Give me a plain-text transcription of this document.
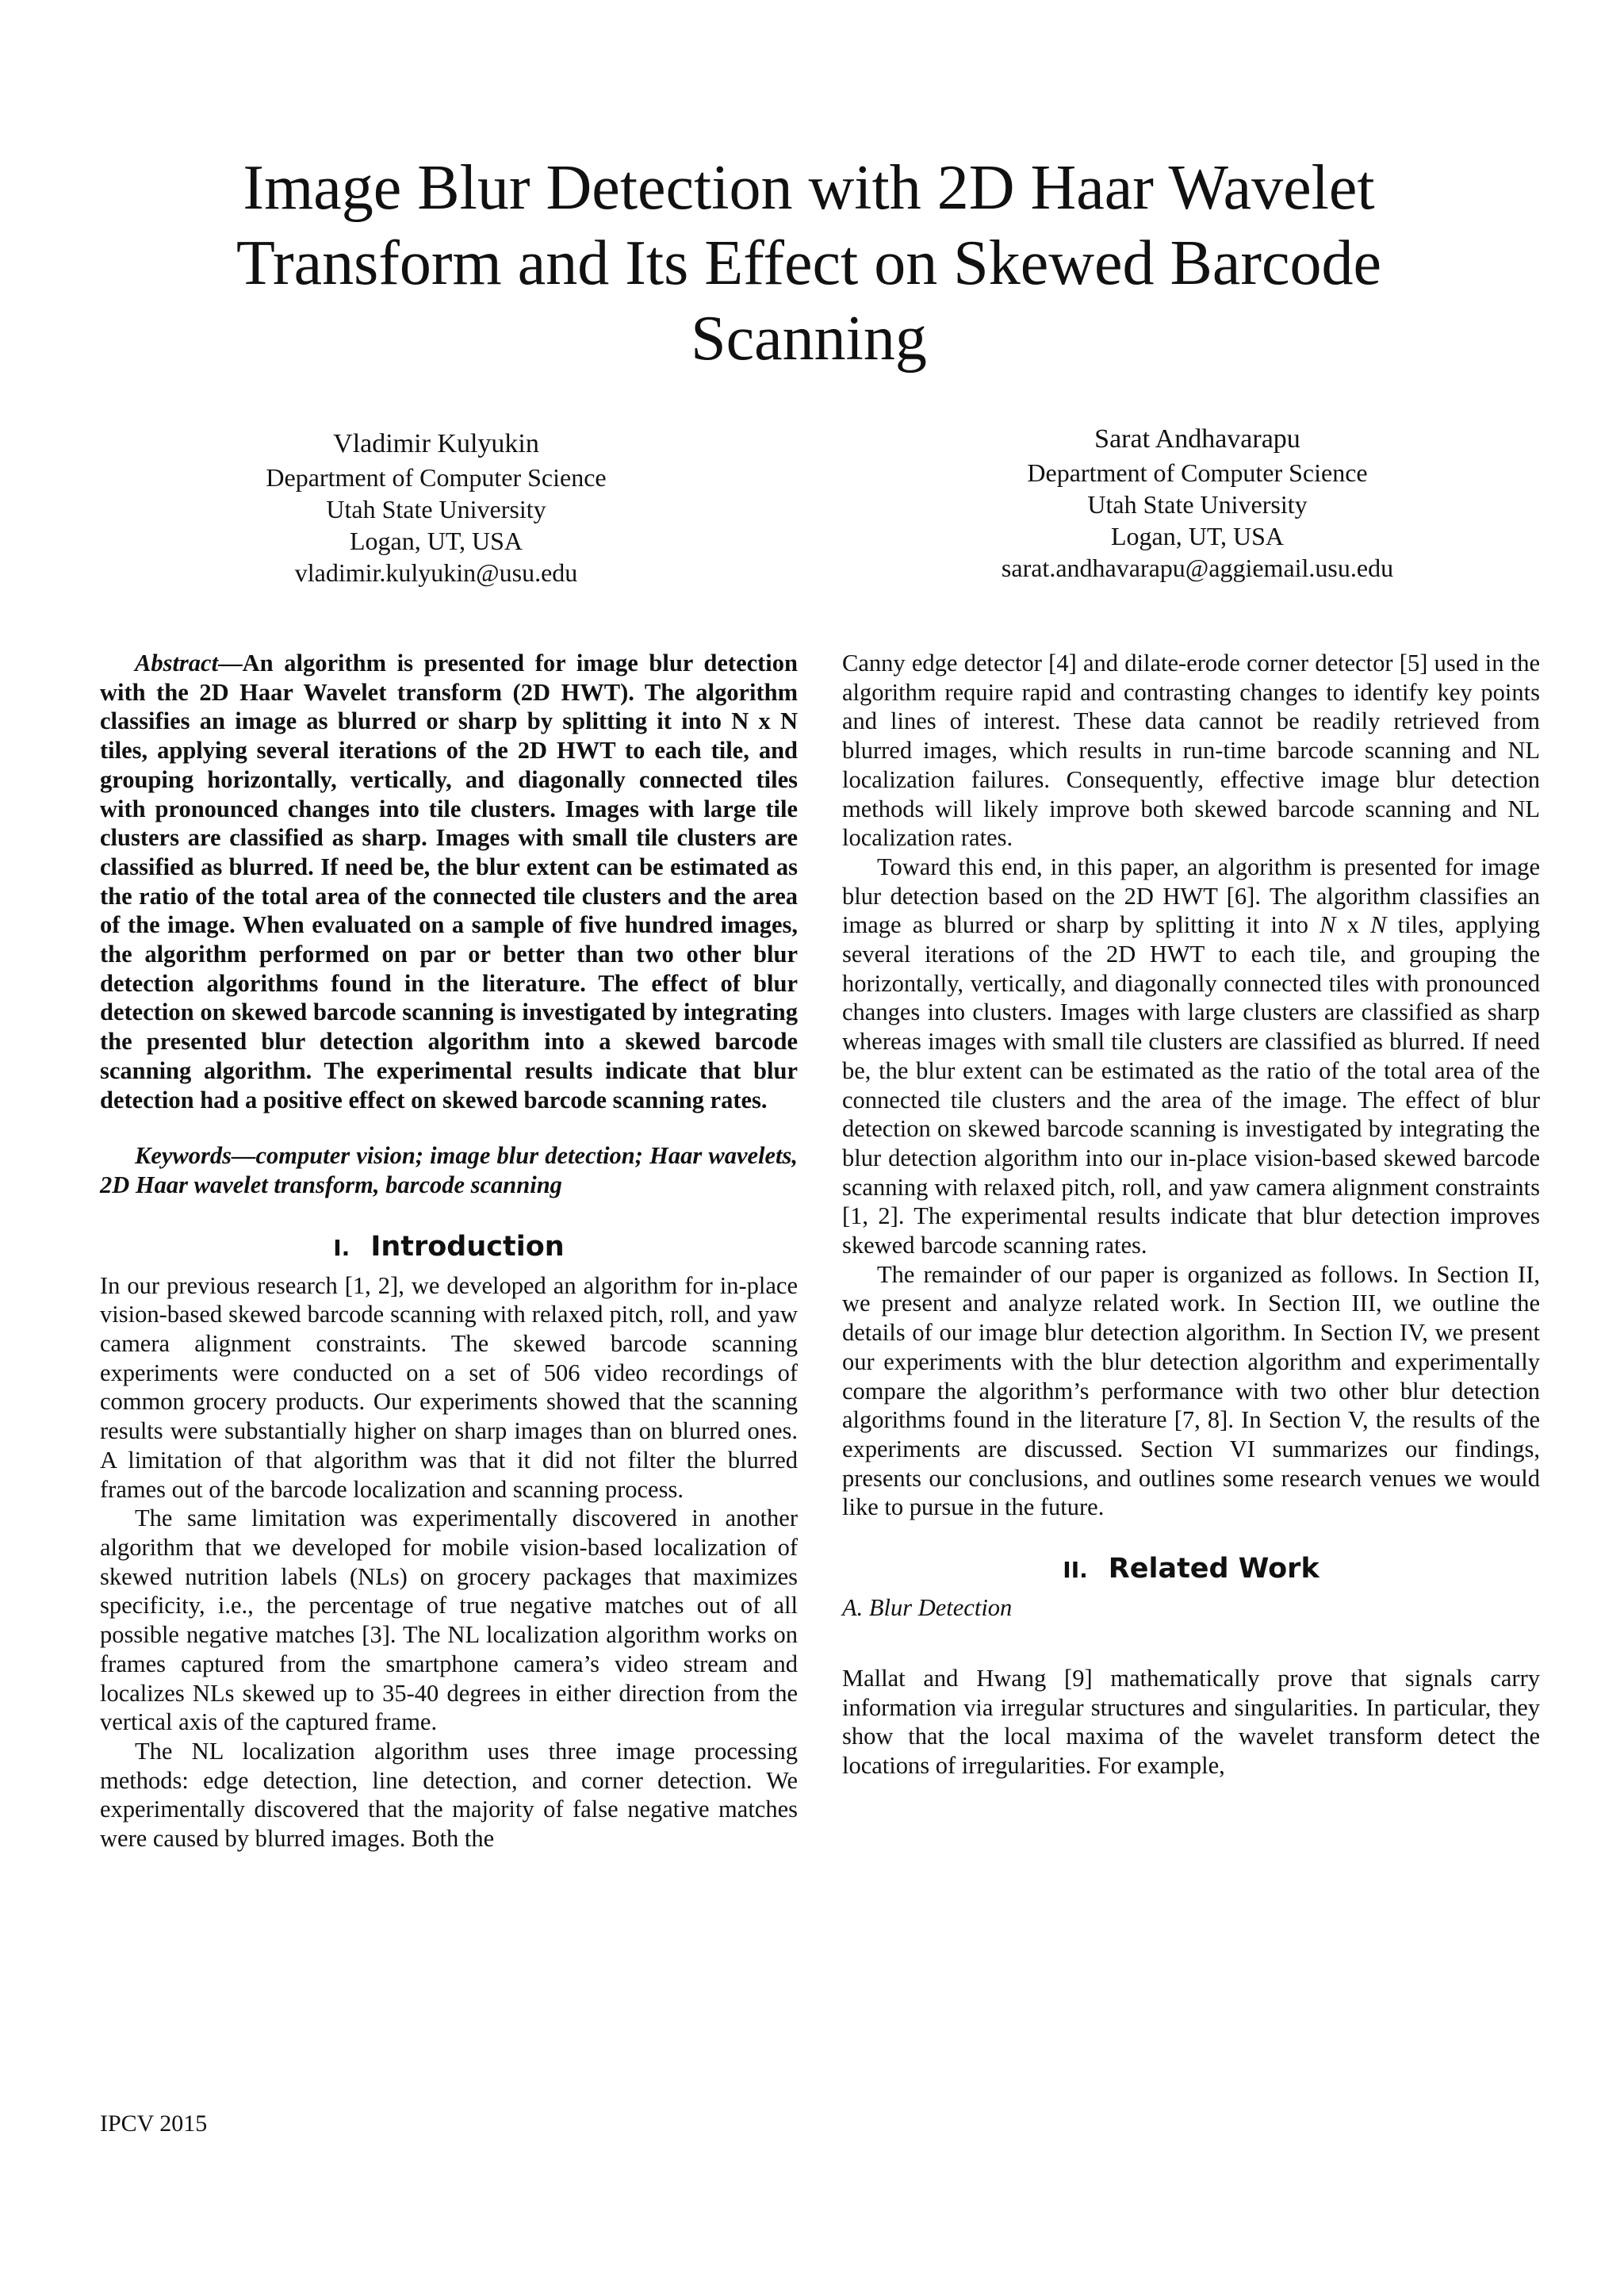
Image Blur Detection with 2D Haar Wavelet Transform and Its Effect on Skewed Barcode Scanning
Vladimir Kulyukin
Department of Computer Science
Utah State University
Logan, UT, USA
vladimir.kulyukin@usu.edu
Sarat Andhavarapu
Department of Computer Science
Utah State University
Logan, UT, USA
sarat.andhavarapu@aggiemail.usu.edu

Abstract—An algorithm is presented for image blur detection with the 2D Haar Wavelet transform (2D HWT). The algorithm classifies an image as blurred or sharp by splitting it into N x N tiles, applying several iterations of the 2D HWT to each tile, and grouping horizontally, vertically, and diagonally connected tiles with pronounced changes into tile clusters. Images with large tile clusters are classified as sharp. Images with small tile clusters are classified as blurred. If need be, the blur extent can be estimated as the ratio of the total area of the connected tile clusters and the area of the image. When evaluated on a sample of five hundred images, the algorithm performed on par or better than two other blur detection algorithms found in the literature. The effect of blur detection on skewed barcode scanning is investigated by integrating the presented blur detection algorithm into a skewed barcode scanning algorithm. The experimental results indicate that blur detection had a positive effect on skewed barcode scanning rates.

Keywords—computer vision; image blur detection; Haar wavelets, 2D Haar wavelet transform, barcode scanning

I. Introduction

In our previous research [1, 2], we developed an algorithm for in-place vision-based skewed barcode scanning with relaxed pitch, roll, and yaw camera alignment constraints. The skewed barcode scanning experiments were conducted on a set of 506 video recordings of common grocery products. Our experiments showed that the scanning results were substantially higher on sharp images than on blurred ones. A limitation of that algorithm was that it did not filter the blurred frames out of the barcode localization and scanning process.

The same limitation was experimentally discovered in another algorithm that we developed for mobile vision-based localization of skewed nutrition labels (NLs) on grocery packages that maximizes specificity, i.e., the percentage of true negative matches out of all possible negative matches [3]. The NL localization algorithm works on frames captured from the smartphone camera’s video stream and localizes NLs skewed up to 35-40 degrees in either direction from the vertical axis of the captured frame.

The NL localization algorithm uses three image processing methods: edge detection, line detection, and corner detection. We experimentally discovered that the majority of false negative matches were caused by blurred images. Both the

Canny edge detector [4] and dilate-erode corner detector [5] used in the algorithm require rapid and contrasting changes to identify key points and lines of interest. These data cannot be readily retrieved from blurred images, which results in run-time barcode scanning and NL localization failures. Consequently, effective image blur detection methods will likely improve both skewed barcode scanning and NL localization rates.

Toward this end, in this paper, an algorithm is presented for image blur detection based on the 2D HWT [6]. The algorithm classifies an image as blurred or sharp by splitting it into N x N tiles, applying several iterations of the 2D HWT to each tile, and grouping the horizontally, vertically, and diagonally connected tiles with pronounced changes into clusters. Images with large clusters are classified as sharp whereas images with small tile clusters are classified as blurred. If need be, the blur extent can be estimated as the ratio of the total area of the connected tile clusters and the area of the image. The effect of blur detection on skewed barcode scanning is investigated by integrating the blur detection algorithm into our in-place vision-based skewed barcode scanning with relaxed pitch, roll, and yaw camera alignment constraints [1, 2]. The experimental results indicate that blur detection improves skewed barcode scanning rates.

The remainder of our paper is organized as follows. In Section II, we present and analyze related work. In Section III, we outline the details of our image blur detection algorithm. In Section IV, we present our experiments with the blur detection algorithm and experimentally compare the algorithm’s performance with two other blur detection algorithms found in the literature [7, 8]. In Section V, the results of the experiments are discussed. Section VI summarizes our findings, presents our conclusions, and outlines some research venues we would like to pursue in the future.

II. Related Work

A. Blur Detection

Mallat and Hwang [9] mathematically prove that signals carry information via irregular structures and singularities. In particular, they show that the local maxima of the wavelet transform detect the locations of irregularities. For example,

IPCV 2015
